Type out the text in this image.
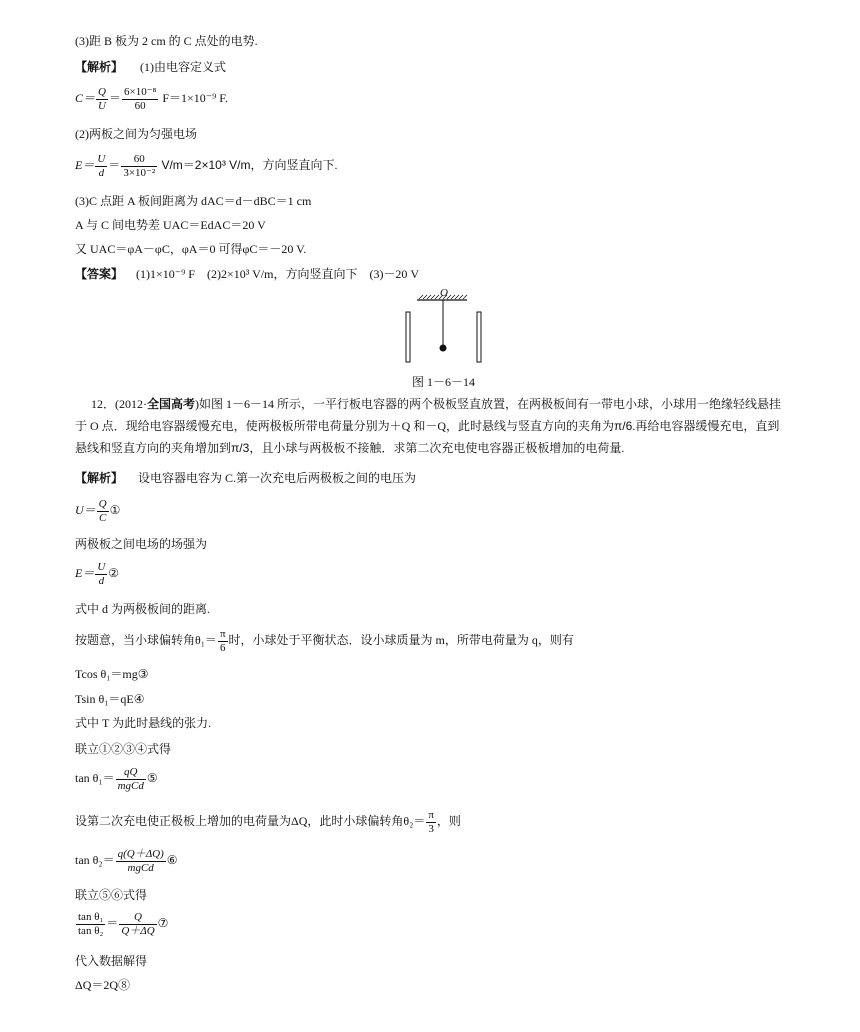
(3)距 B 板为 2 cm 的 C 点处的电势.
【解析】 (1)由电容定义式
$C= \frac{Q}{U} = \frac{\text{6×10⁻⁸}}{60} F=1\times 10^{-9}$ F.
(2)两板之间为匀强电场
$E= \frac{U}{d} = \frac{60}{\text{3×10⁻²}} V/m=2\times 10^3$ V/m，方向竖直向下.
(3)C 点距 A 板间距离为 dAC＝d－dBC＝1 cm
A 与 C 间电势差 UAC＝EdAC＝20 V
又 UAC＝φA－φC，φA＝0 可得φC＝－20 V.
【答案】 (1)1×10⁻⁹ F　(2)2×10³ V/m，方向竖直向下　(3)－20 V
O
图 1－6－14
12．(2012·全国高考)如图 1－6－14 所示，一平行板电容器的两个极板竖直放置，在两极板间有一带电小球，小球用一绝缘轻线悬挂于 O 点．现给电容器缓慢充电，使两极板所带电荷量分别为＋Q 和－Q，此时悬线与竖直方向的夹角为π/6.再给电容器缓慢充电，直到悬线和竖直方向的夹角增加到π/3，且小球与两极板不接触．求第二次充电使电容器正极板增加的电荷量.
【解析】 设电容器电容为 C.第一次充电后两极板之间的电压为
$U= \frac{Q}{C}$ ①
两极板之间电场的场强为
$E= \frac{U}{d}$ ②
式中 d 为两极板间的距离.
按题意，当小球偏转角$\theta_1= \frac{\pi}{6}$ 时，小球处于平衡状态．设小球质量为 m，所带电荷量为 q，则有
Tcos θ₁＝mg③
Tsin θ₁＝qE④
式中 T 为此时悬线的张力.
联立①②③④式得
$\tan \theta_1= \frac{qQ}{\text{mgCd}}$ ⑤
设第二次充电使正极板上增加的电荷量为ΔQ，此时小球偏转角$\theta_2= \frac{\pi}{3}$ ，则
$\tan \theta_2= \frac{q(Q+\Delta Q)}{\text{mgCd}}$ ⑥
联立⑤⑥式得
$\frac{\text{tan θ₁}}{\text{tan θ₂}} = \frac{Q}{Q+\Delta Q}$ ⑦
代入数据解得
ΔQ＝2Q⑧
